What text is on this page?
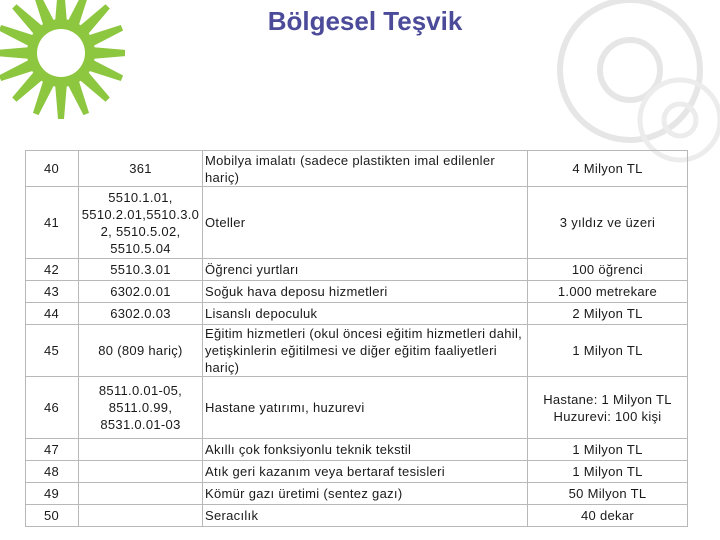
Bölgesel Teşvik
40	361	Mobilya imalatı (sadece plastikten imal edilenler hariç)	4 Milyon TL
41	5510.1.01, 5510.2.01,5510.3.0 2, 5510.5.02, 5510.5.04	Oteller	3 yıldız ve üzeri
42	5510.3.01	Öğrenci yurtları	100 öğrenci
43	6302.0.01	Soğuk hava deposu hizmetleri	1.000 metrekare
44	6302.0.03	Lisanslı depoculuk	2 Milyon TL
45	80 (809 hariç)	Eğitim hizmetleri (okul öncesi eğitim hizmetleri dahil, yetişkinlerin eğitilmesi ve diğer eğitim faaliyetleri hariç)	1 Milyon TL
46	8511.0.01-05, 8511.0.99, 8531.0.01-03	Hastane yatırımı, huzurevi	Hastane: 1 Milyon TL Huzurevi: 100 kişi
47		Akıllı çok fonksiyonlu teknik tekstil	1 Milyon TL
48		Atık geri kazanım veya bertaraf tesisleri	1 Milyon TL
49		Kömür gazı üretimi (sentez gazı)	50 Milyon TL
50		Seracılık	40 dekar
